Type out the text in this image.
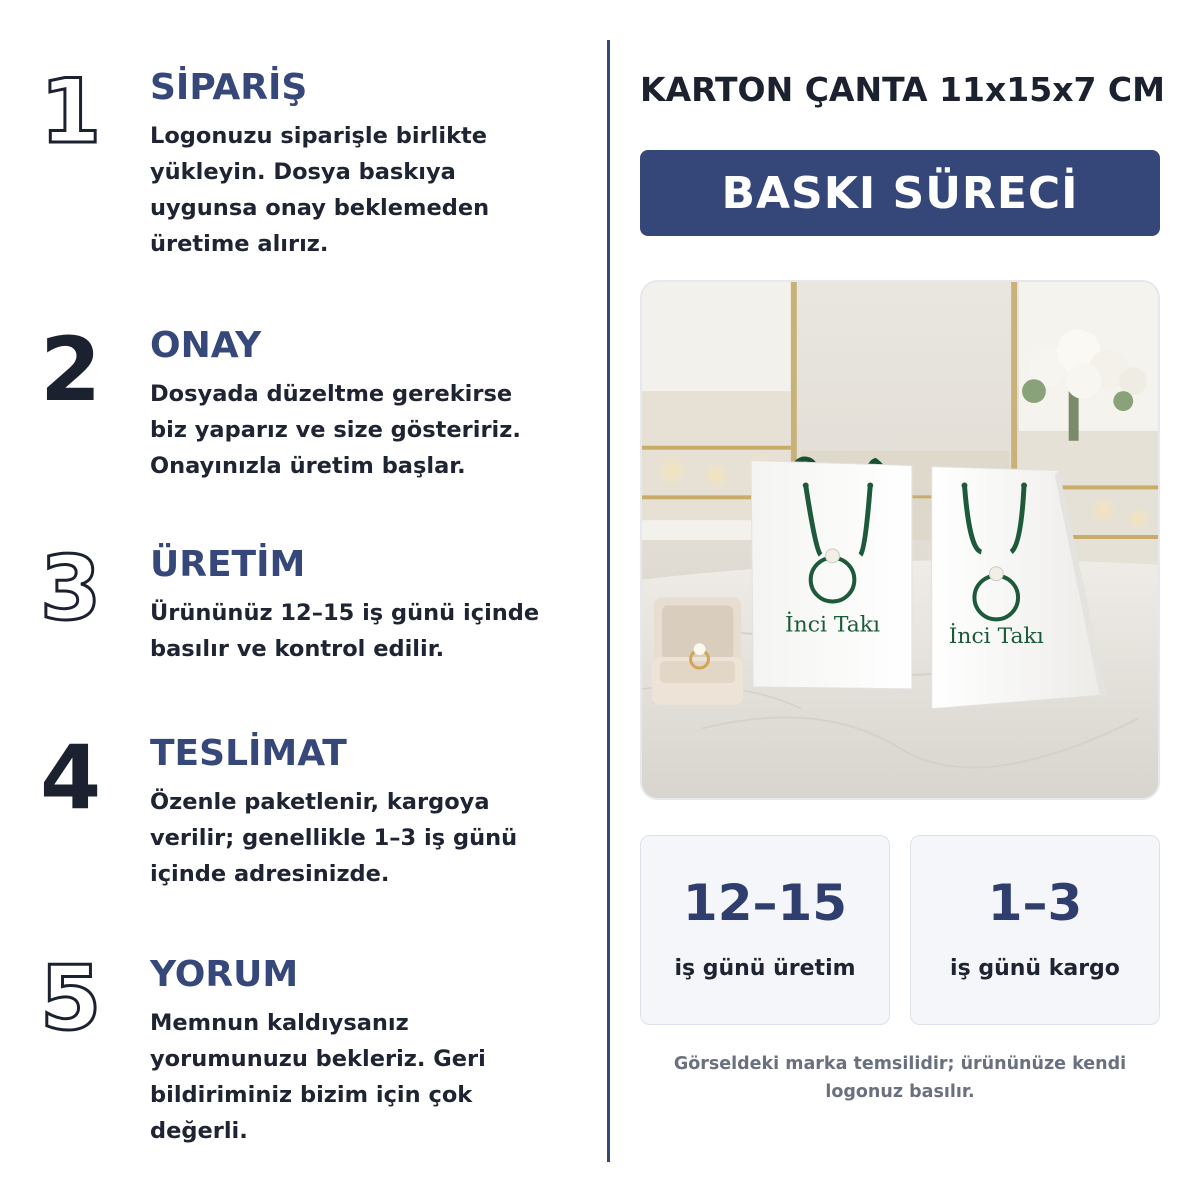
1	SİPARİŞ
Logonuzu siparişle birlikte yükleyin. Dosya baskıya uygunsa onay beklemeden üretime alırız.
2	ONAY
Dosyada düzeltme gerekirse biz yaparız ve size gösteririz. Onayınızla üretim başlar.
3	ÜRETİM
Ürününüz 12–15 iş günü içinde basılır ve kontrol edilir.
4	TESLİMAT
Özenle paketlenir, kargoya verilir; genellikle 1–3 iş günü içinde adresinizde.
5	YORUM
Memnun kaldıysanız yorumunuzu bekleriz. Geri bildiriminiz bizim için çok değerli.
KARTON ÇANTA 11x15x7 CM
BASKI SÜRECİ
İnci Takı	İnci Takı
12–15
iş günü üretim
1–3
iş günü kargo
Görseldeki marka temsilidir; ürününüze kendi logonuz basılır.
